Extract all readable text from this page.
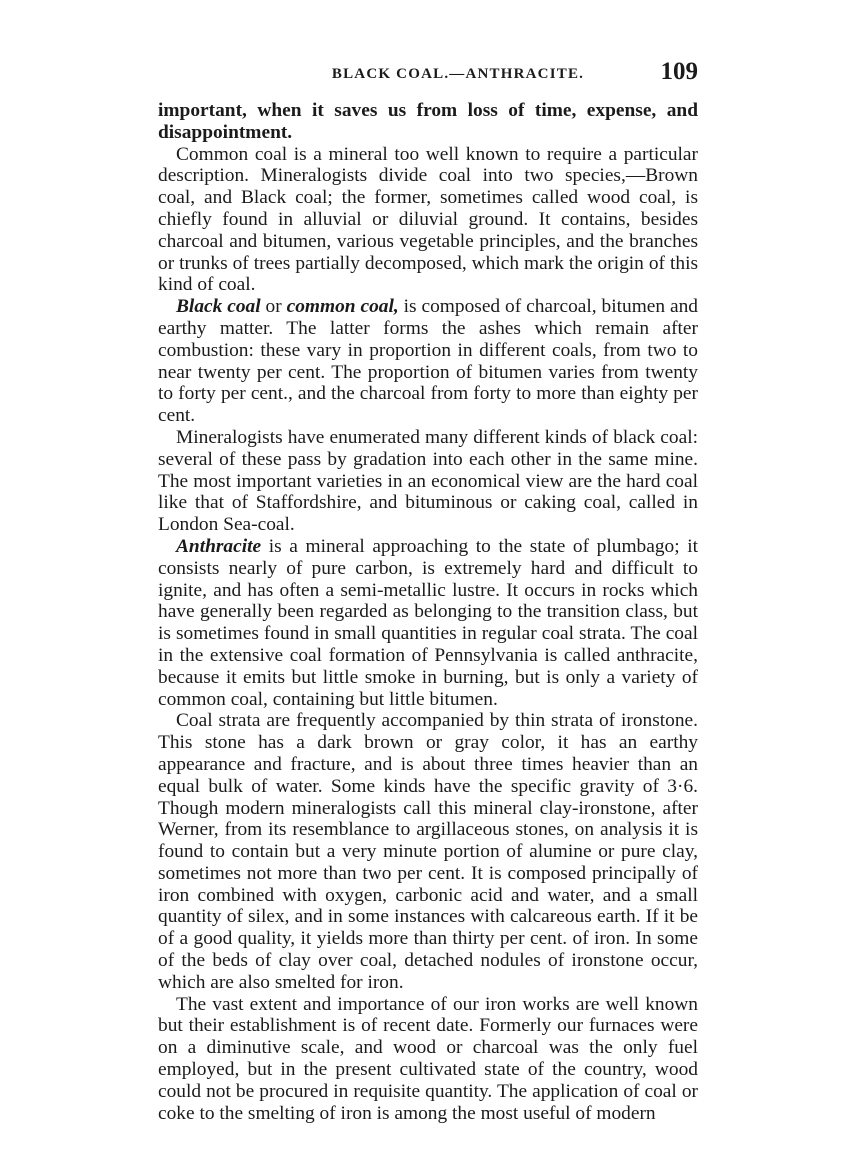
BLACK COAL.—ANTHRACITE.	109

important, when it saves us from loss of time, expense, and disappointment.

Common coal is a mineral too well known to require a particular description. Mineralogists divide coal into two species,—Brown coal, and Black coal; the former, sometimes called wood coal, is chiefly found in alluvial or diluvial ground. It contains, besides charcoal and bitumen, various vegetable principles, and the branches or trunks of trees partially decomposed, which mark the origin of this kind of coal.

Black coal or common coal, is composed of charcoal, bitumen and earthy matter. The latter forms the ashes which remain after combustion: these vary in proportion in different coals, from two to near twenty per cent. The proportion of bitumen varies from twenty to forty per cent., and the charcoal from forty to more than eighty per cent.

Mineralogists have enumerated many different kinds of black coal: several of these pass by gradation into each other in the same mine. The most important varieties in an economical view are the hard coal like that of Staffordshire, and bituminous or caking coal, called in London Sea-coal.

Anthracite is a mineral approaching to the state of plumbago; it consists nearly of pure carbon, is extremely hard and difficult to ignite, and has often a semi-metallic lustre. It occurs in rocks which have generally been regarded as belonging to the transition class, but is sometimes found in small quantities in regular coal strata. The coal in the extensive coal formation of Pennsylvania is called anthracite, because it emits but little smoke in burning, but is only a variety of common coal, containing but little bitumen.

Coal strata are frequently accompanied by thin strata of ironstone. This stone has a dark brown or gray color, it has an earthy appearance and fracture, and is about three times heavier than an equal bulk of water. Some kinds have the specific gravity of 3·6. Though modern mineralogists call this mineral clay-ironstone, after Werner, from its resemblance to argillaceous stones, on analysis it is found to contain but a very minute portion of alumine or pure clay, sometimes not more than two per cent. It is composed principally of iron combined with oxygen, carbonic acid and water, and a small quantity of silex, and in some instances with calcareous earth. If it be of a good quality, it yields more than thirty per cent. of iron. In some of the beds of clay over coal, detached nodules of ironstone occur, which are also smelted for iron.

The vast extent and importance of our iron works are well known but their establishment is of recent date. Formerly our furnaces were on a diminutive scale, and wood or charcoal was the only fuel employed, but in the present cultivated state of the country, wood could not be procured in requisite quantity. The application of coal or coke to the smelting of iron is among the most useful of modern
